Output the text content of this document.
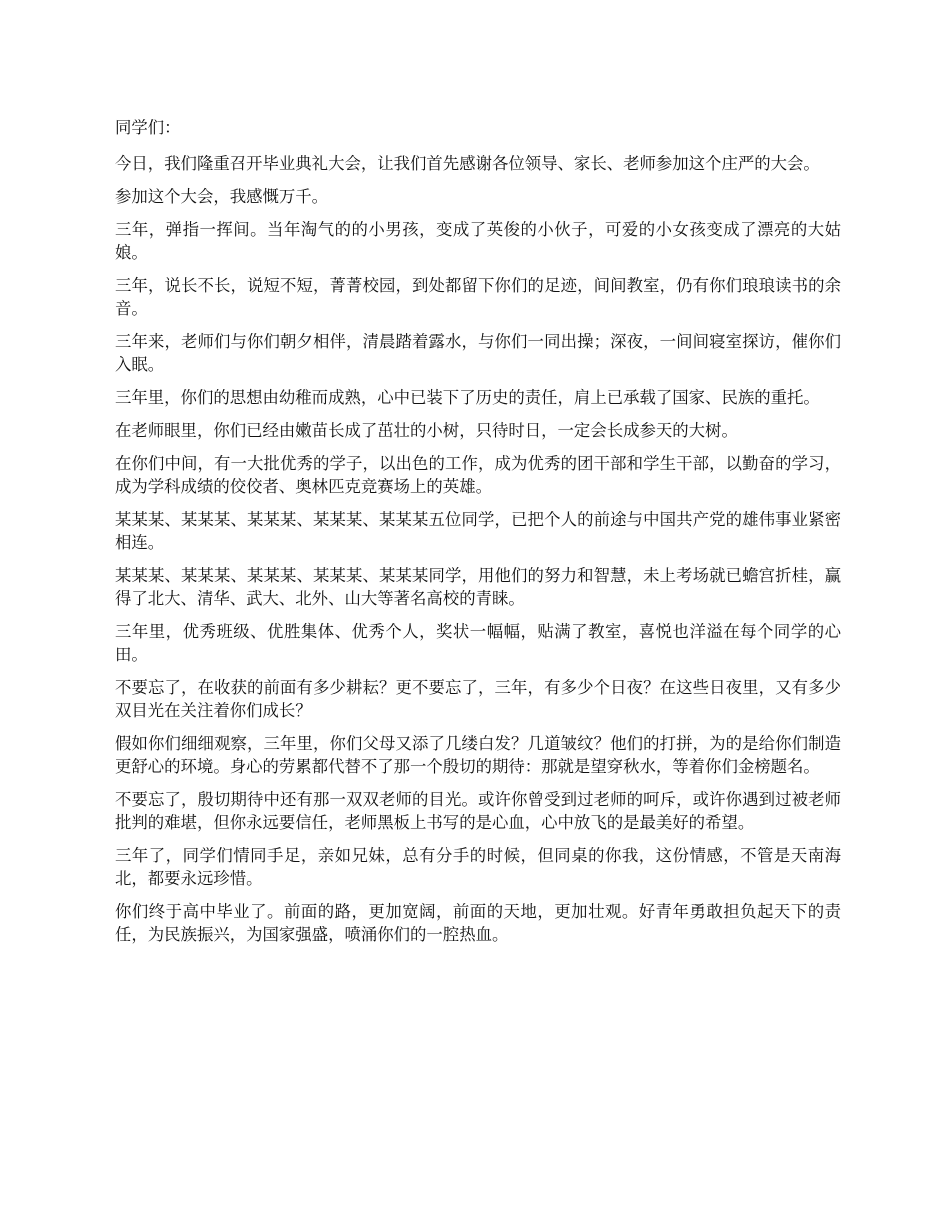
同学们：

今日，我们隆重召开毕业典礼大会，让我们首先感谢各位领导、家长、老师参加这个庄严的大会。

参加这个大会，我感慨万千。

三年，弹指一挥间。当年淘气的的小男孩，变成了英俊的小伙子，可爱的小女孩变成了漂亮的大姑娘。

三年，说长不长，说短不短，菁菁校园，到处都留下你们的足迹，间间教室，仍有你们琅琅读书的余音。

三年来，老师们与你们朝夕相伴，清晨踏着露水，与你们一同出操；深夜，一间间寝室探访，催你们入眠。

三年里，你们的思想由幼稚而成熟，心中已装下了历史的责任，肩上已承载了国家、民族的重托。

在老师眼里，你们已经由嫩苗长成了茁壮的小树，只待时日，一定会长成参天的大树。

在你们中间，有一大批优秀的学子，以出色的工作，成为优秀的团干部和学生干部，以勤奋的学习，成为学科成绩的佼佼者、奥林匹克竞赛场上的英雄。

某某某、某某某、某某某、某某某、某某某五位同学，已把个人的前途与中国共产党的雄伟事业紧密相连。

某某某、某某某、某某某、某某某、某某某同学，用他们的努力和智慧，未上考场就已蟾宫折桂，赢得了北大、清华、武大、北外、山大等著名高校的青睐。

三年里，优秀班级、优胜集体、优秀个人，奖状一幅幅，贴满了教室，喜悦也洋溢在每个同学的心田。

不要忘了，在收获的前面有多少耕耘？更不要忘了，三年，有多少个日夜？在这些日夜里，又有多少双目光在关注着你们成长？

假如你们细细观察，三年里，你们父母又添了几缕白发？几道皱纹？他们的打拼，为的是给你们制造更舒心的环境。身心的劳累都代替不了那一个殷切的期待：那就是望穿秋水，等着你们金榜题名。

不要忘了，殷切期待中还有那一双双老师的目光。或许你曾受到过老师的呵斥，或许你遇到过被老师批判的难堪，但你永远要信任，老师黑板上书写的是心血，心中放飞的是最美好的希望。

三年了，同学们情同手足，亲如兄妹，总有分手的时候，但同桌的你我，这份情感，不管是天南海北，都要永远珍惜。

你们终于高中毕业了。前面的路，更加宽阔，前面的天地，更加壮观。好青年勇敢担负起天下的责任，为民族振兴，为国家强盛，喷涌你们的一腔热血。
